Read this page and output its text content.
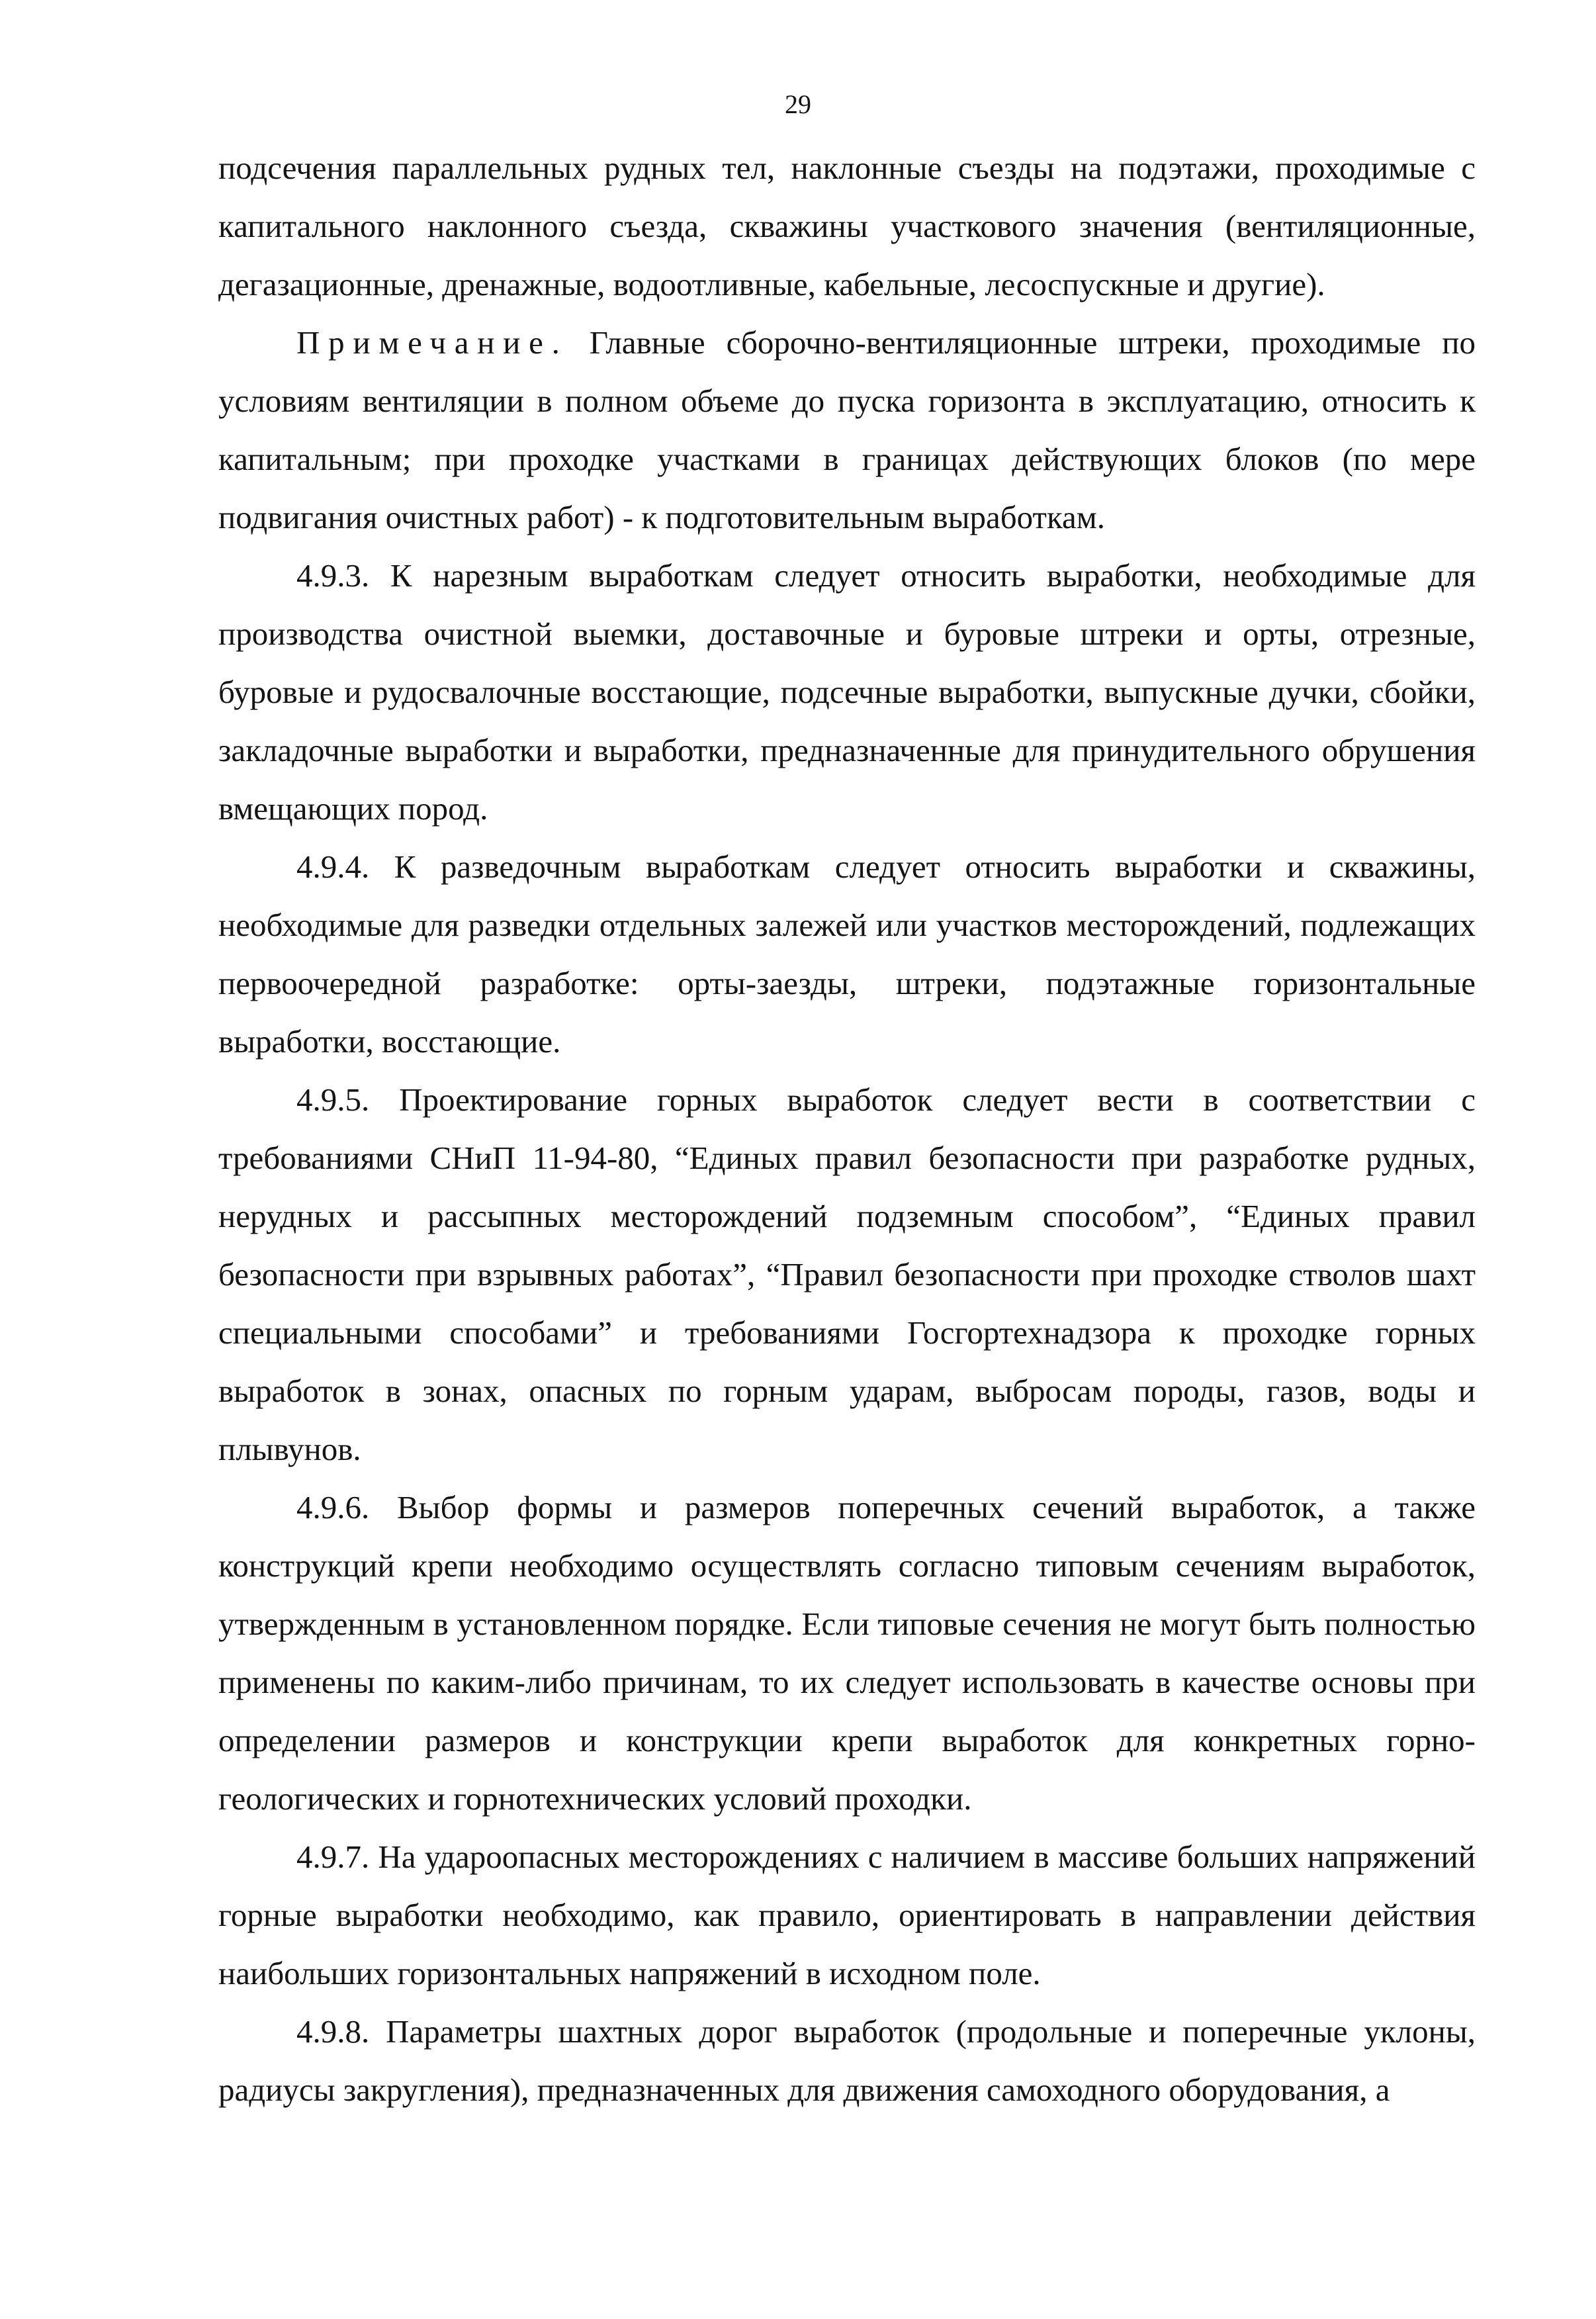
29

подсечения параллельных рудных тел, наклонные съезды на подэтажи, проходимые с капитального наклонного съезда, скважины участкового значения (вентиляционные, дегазационные, дренажные, водоотливные, кабельные, лесоспускные и другие).

Примечание. Главные сборочно-вентиляционные штреки, проходимые по условиям вентиляции в полном объеме до пуска горизонта в эксплуатацию, относить к капитальным; при проходке участками в границах действующих блоков (по мере подвигания очистных работ) - к подготовительным выработкам.

4.9.3. К нарезным выработкам следует относить выработки, необходимые для производства очистной выемки, доставочные и буровые штреки и орты, отрезные, буровые и рудосвалочные восстающие, подсечные выработки, выпускные дучки, сбойки, закладочные выработки и выработки, предназначенные для принудительного обрушения вмещающих пород.

4.9.4. К разведочным выработкам следует относить выработки и скважины, необходимые для разведки отдельных залежей или участков месторождений, подлежащих первоочередной разработке: орты-заезды, штреки, подэтажные горизонтальные выработки, восстающие.

4.9.5. Проектирование горных выработок следует вести в соответствии с требованиями СНиП 11-94-80, “Единых правил безопасности при разработке рудных, нерудных и рассыпных месторождений подземным способом”, “Единых правил безопасности при взрывных работах”, “Правил безопасности при проходке стволов шахт специальными способами” и требованиями Госгортехнадзора к проходке горных выработок в зонах, опасных по горным ударам, выбросам породы, газов, воды и плывунов.

4.9.6. Выбор формы и размеров поперечных сечений выработок, а также конструкций крепи необходимо осуществлять согласно типовым сечениям выработок, утвержденным в установленном порядке. Если типовые сечения не могут быть полностью применены по каким-либо причинам, то их следует использовать в качестве основы при определении размеров и конструкции крепи выработок для конкретных горно-геологических и горнотехнических условий проходки.

4.9.7. На удароопасных месторождениях с наличием в массиве больших напряжений горные выработки необходимо, как правило, ориентировать в направлении действия наибольших горизонтальных напряжений в исходном поле.

4.9.8. Параметры шахтных дорог выработок (продольные и поперечные уклоны, радиусы закругления), предназначенных для движения самоходного оборудования, а
